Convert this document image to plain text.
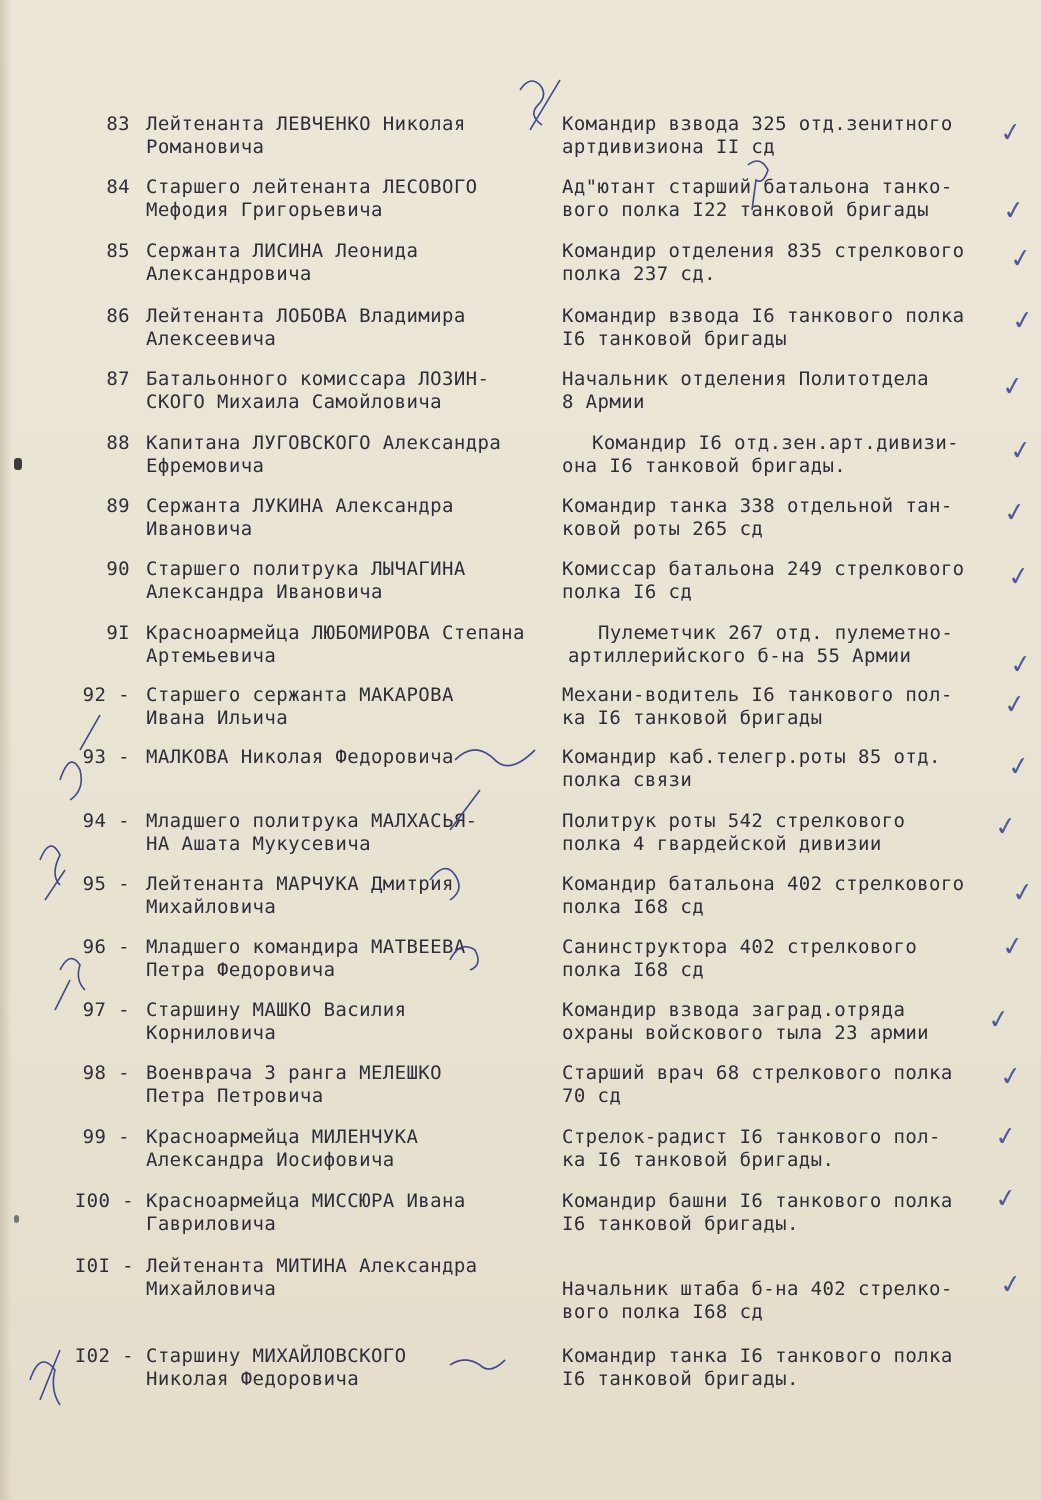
83 Лейтенанта ЛЕВЧЕНКО Николая
Романовича
Командир взвода 325 отд.зенитного
артдивизиона II сд
84 Старшего лейтенанта ЛЕСОВОГО
Мефодия Григорьевича
Ад"ютант старший батальона танко-
вого полка I22 танковой бригады
85 Сержанта ЛИСИНА Леонида
Александровича
Командир отделения 835 стрелкового
полка 237 сд.
86 Лейтенанта ЛОБОВА Владимира
Алексеевича
Командир взвода I6 танкового полка
I6 танковой бригады
87 Батальонного комиссара ЛОЗИН-
СКОГО Михаила Самойловича
Начальник отделения Политотдела
8 Армии
88 Капитана ЛУГОВСКОГО Александра
Ефремовича
Командир I6 отд.зен.арт.дивизи-
она I6 танковой бригады.
89 Сержанта ЛУКИНА Александра
Ивановича
Командир танка 338 отдельной тан-
ковой роты 265 сд
90 Старшего политрука ЛЫЧАГИНА
Александра Ивановича
Комиссар батальона 249 стрелкового
полка I6 сд
9I Красноармейца ЛЮБОМИРОВА Степана
Артемьевича
Пулеметчик 267 отд. пулеметно-
артиллерийского б-на 55 Армии
92 - Старшего сержанта МАКАРОВА
Ивана Ильича
Механи-водитель I6 танкового пол-
ка I6 танковой бригады
93 - МАЛКОВА Николая Федоровича
	Командир каб.телегр.роты 85 отд.
полка связи
94 - Младшего политрука МАЛХАСЬЯ-
НА Ашата Мукусевича
Политрук роты 542 стрелкового
полка 4 гвардейской дивизии
95 - Лейтенанта МАРЧУКА Дмитрия
Михайловича
Командир батальона 402 стрелкового
полка I68 сд
96 - Младшего командира МАТВЕЕВА
Петра Федоровича
Санинструктора 402 стрелкового
полка I68 сд
97 - Старшину МАШКО Василия
Корниловича
Командир взвода заград.отряда
охраны войскового тыла 23 армии
98 - Военврача 3 ранга МЕЛЕШКО
Петра Петровича
Старший врач 68 стрелкового полка
70 сд
99 - Красноармейца МИЛЕНЧУКА
Александра Иосифовича
Стрелок-радист I6 танкового пол-
ка I6 танковой бригады.
I00 - Красноармейца МИССЮРА Ивана
Гавриловича
Командир башни I6 танкового полка
I6 танковой бригады.
I0I - Лейтенанта МИТИНА Александра
Михайловича
	Начальник штаба б-на 402 стрелко-
вого полка I68 сд
I02 - Старшину МИХАЙЛОВСКОГО
Николая Федоровича
Командир танка I6 танкового полка
I6 танковой бригады.
✓
✓
✓
✓
✓
✓
✓
✓
✓
✓
✓
✓
✓
✓
✓
✓
✓
✓
✓
